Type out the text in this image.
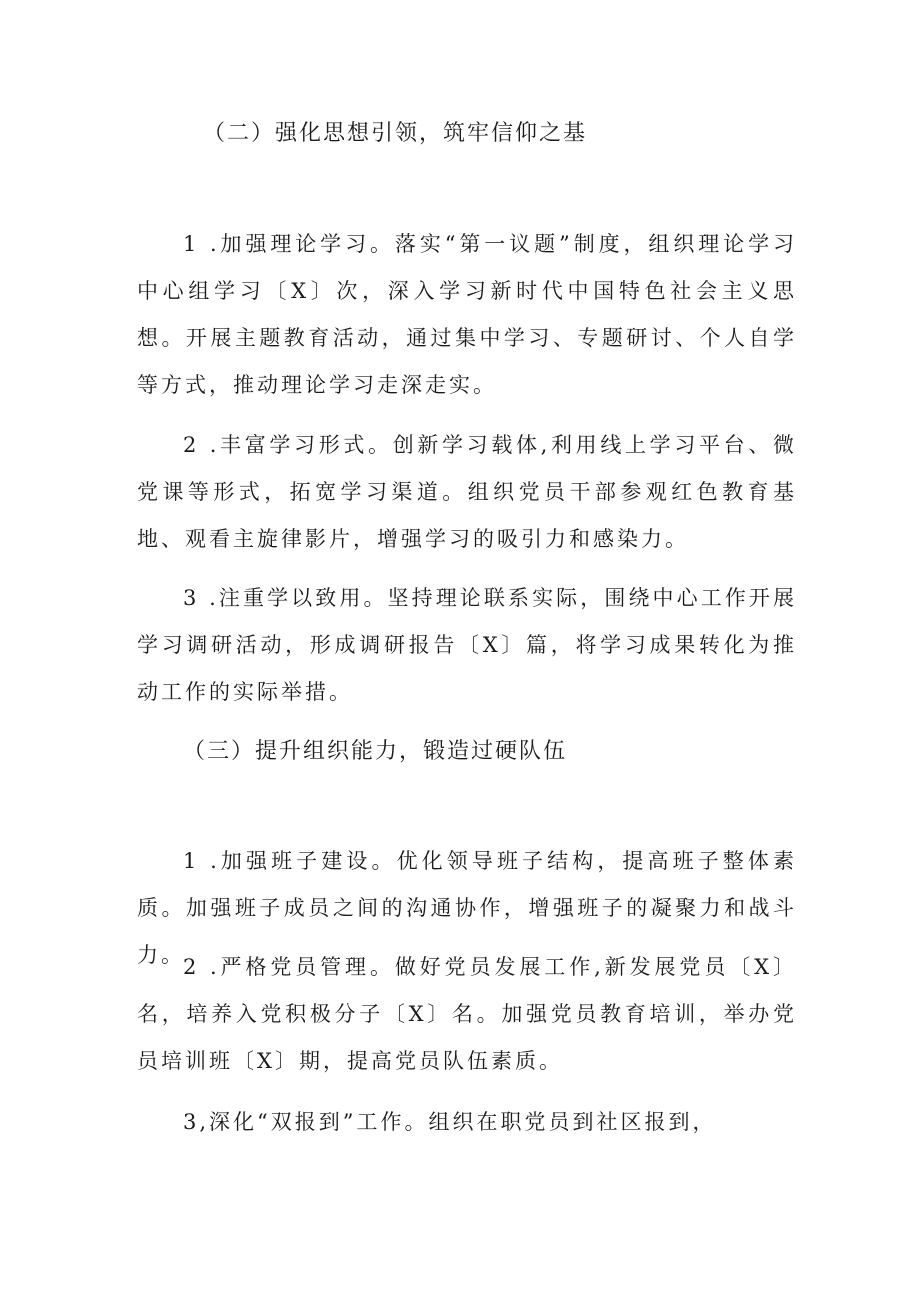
（二）强化思想引领，筑牢信仰之基
1 .加强理论学习。落实“第一议题”制度，组织理论学习中心组学习〔X〕次，深入学习新时代中国特色社会主义思想。开展主题教育活动，通过集中学习、专题研讨、个人自学等方式，推动理论学习走深走实。
2 .丰富学习形式。创新学习载体,利用线上学习平台、微党课等形式，拓宽学习渠道。组织党员干部参观红色教育基地、观看主旋律影片，增强学习的吸引力和感染力。
3 .注重学以致用。坚持理论联系实际，围绕中心工作开展学习调研活动，形成调研报告〔X〕篇，将学习成果转化为推动工作的实际举措。
（三）提升组织能力，锻造过硬队伍
1 .加强班子建设。优化领导班子结构，提高班子整体素质。加强班子成员之间的沟通协作，增强班子的凝聚力和战斗力。
2 .严格党员管理。做好党员发展工作,新发展党员〔X〕名，培养入党积极分子〔X〕名。加强党员教育培训，举办党员培训班〔X〕期，提高党员队伍素质。
3,深化“双报到”工作。组织在职党员到社区报到，
